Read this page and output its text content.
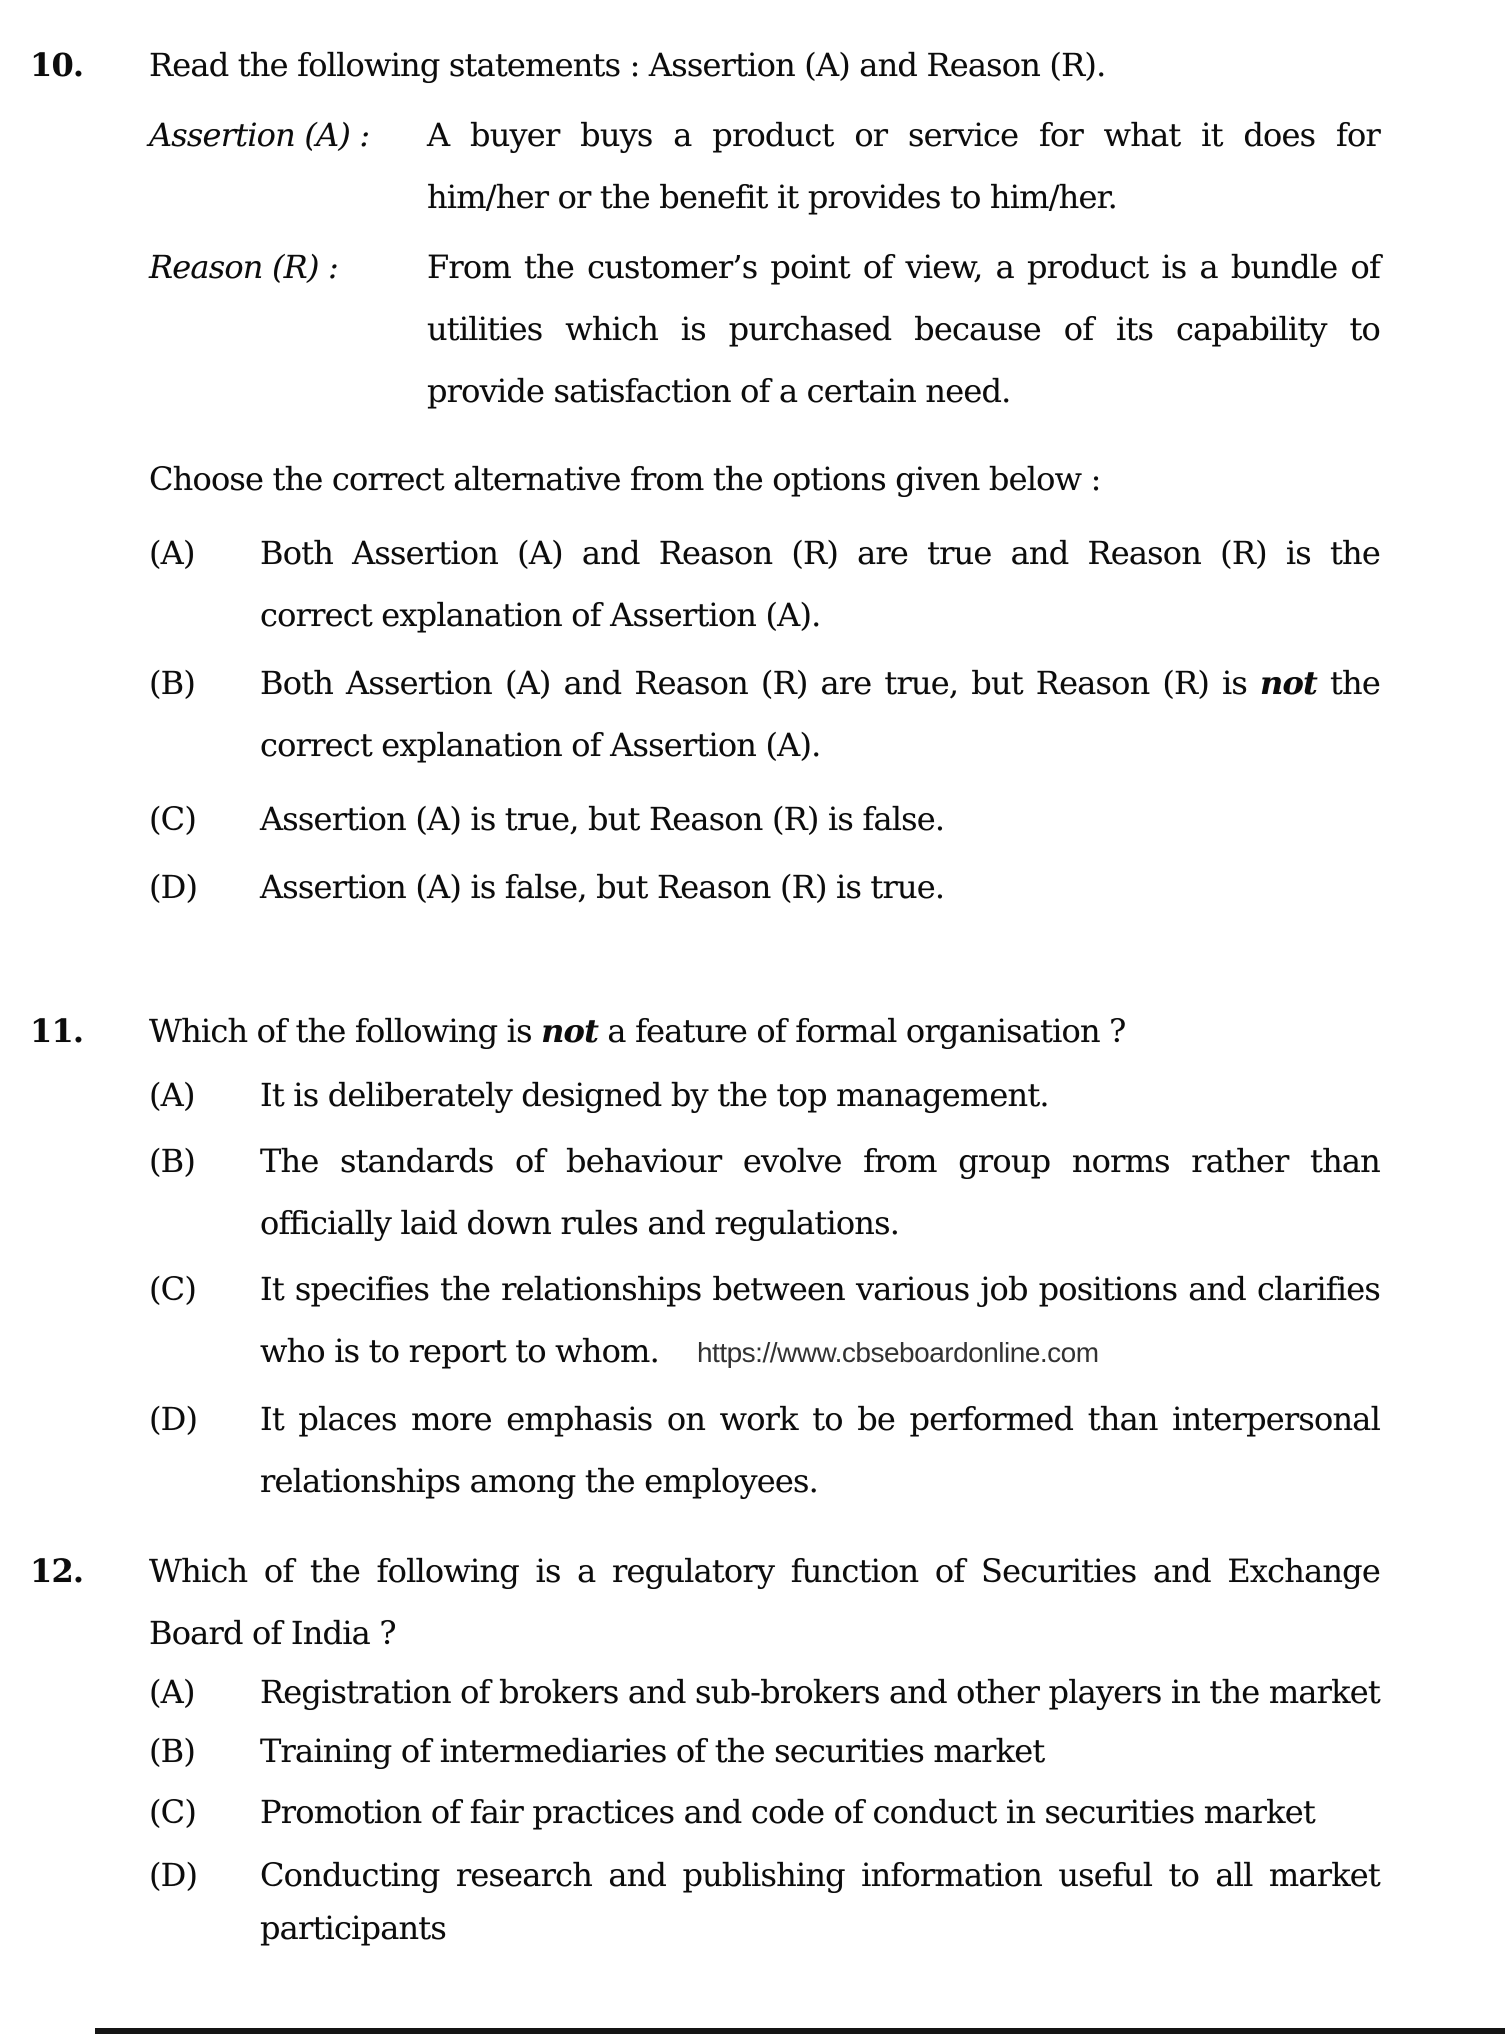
10.	Read the following statements : Assertion (A) and Reason (R).

Assertion (A) :	A buyer buys a product or service for what it does for him/her or the benefit it provides to him/her.

Reason (R) :	From the customer’s point of view, a product is a bundle of utilities which is purchased because of its capability to provide satisfaction of a certain need.

Choose the correct alternative from the options given below :

(A)	Both Assertion (A) and Reason (R) are true and Reason (R) is the correct explanation of Assertion (A).

(B)	Both Assertion (A) and Reason (R) are true, but Reason (R) is not the correct explanation of Assertion (A).

(C)	Assertion (A) is true, but Reason (R) is false.

(D)	Assertion (A) is false, but Reason (R) is true.

11.	Which of the following is not a feature of formal organisation ?

(A)	It is deliberately designed by the top management.

(B)	The standards of behaviour evolve from group norms rather than officially laid down rules and regulations.

(C)	It specifies the relationships between various job positions and clarifies who is to report to whom. https://www.cbseboardonline.com

(D)	It places more emphasis on work to be performed than interpersonal relationships among the employees.

12.	Which of the following is a regulatory function of Securities and Exchange Board of India ?

(A)	Registration of brokers and sub-brokers and other players in the market

(B)	Training of intermediaries of the securities market

(C)	Promotion of fair practices and code of conduct in securities market

(D)	Conducting research and publishing information useful to all market participants
